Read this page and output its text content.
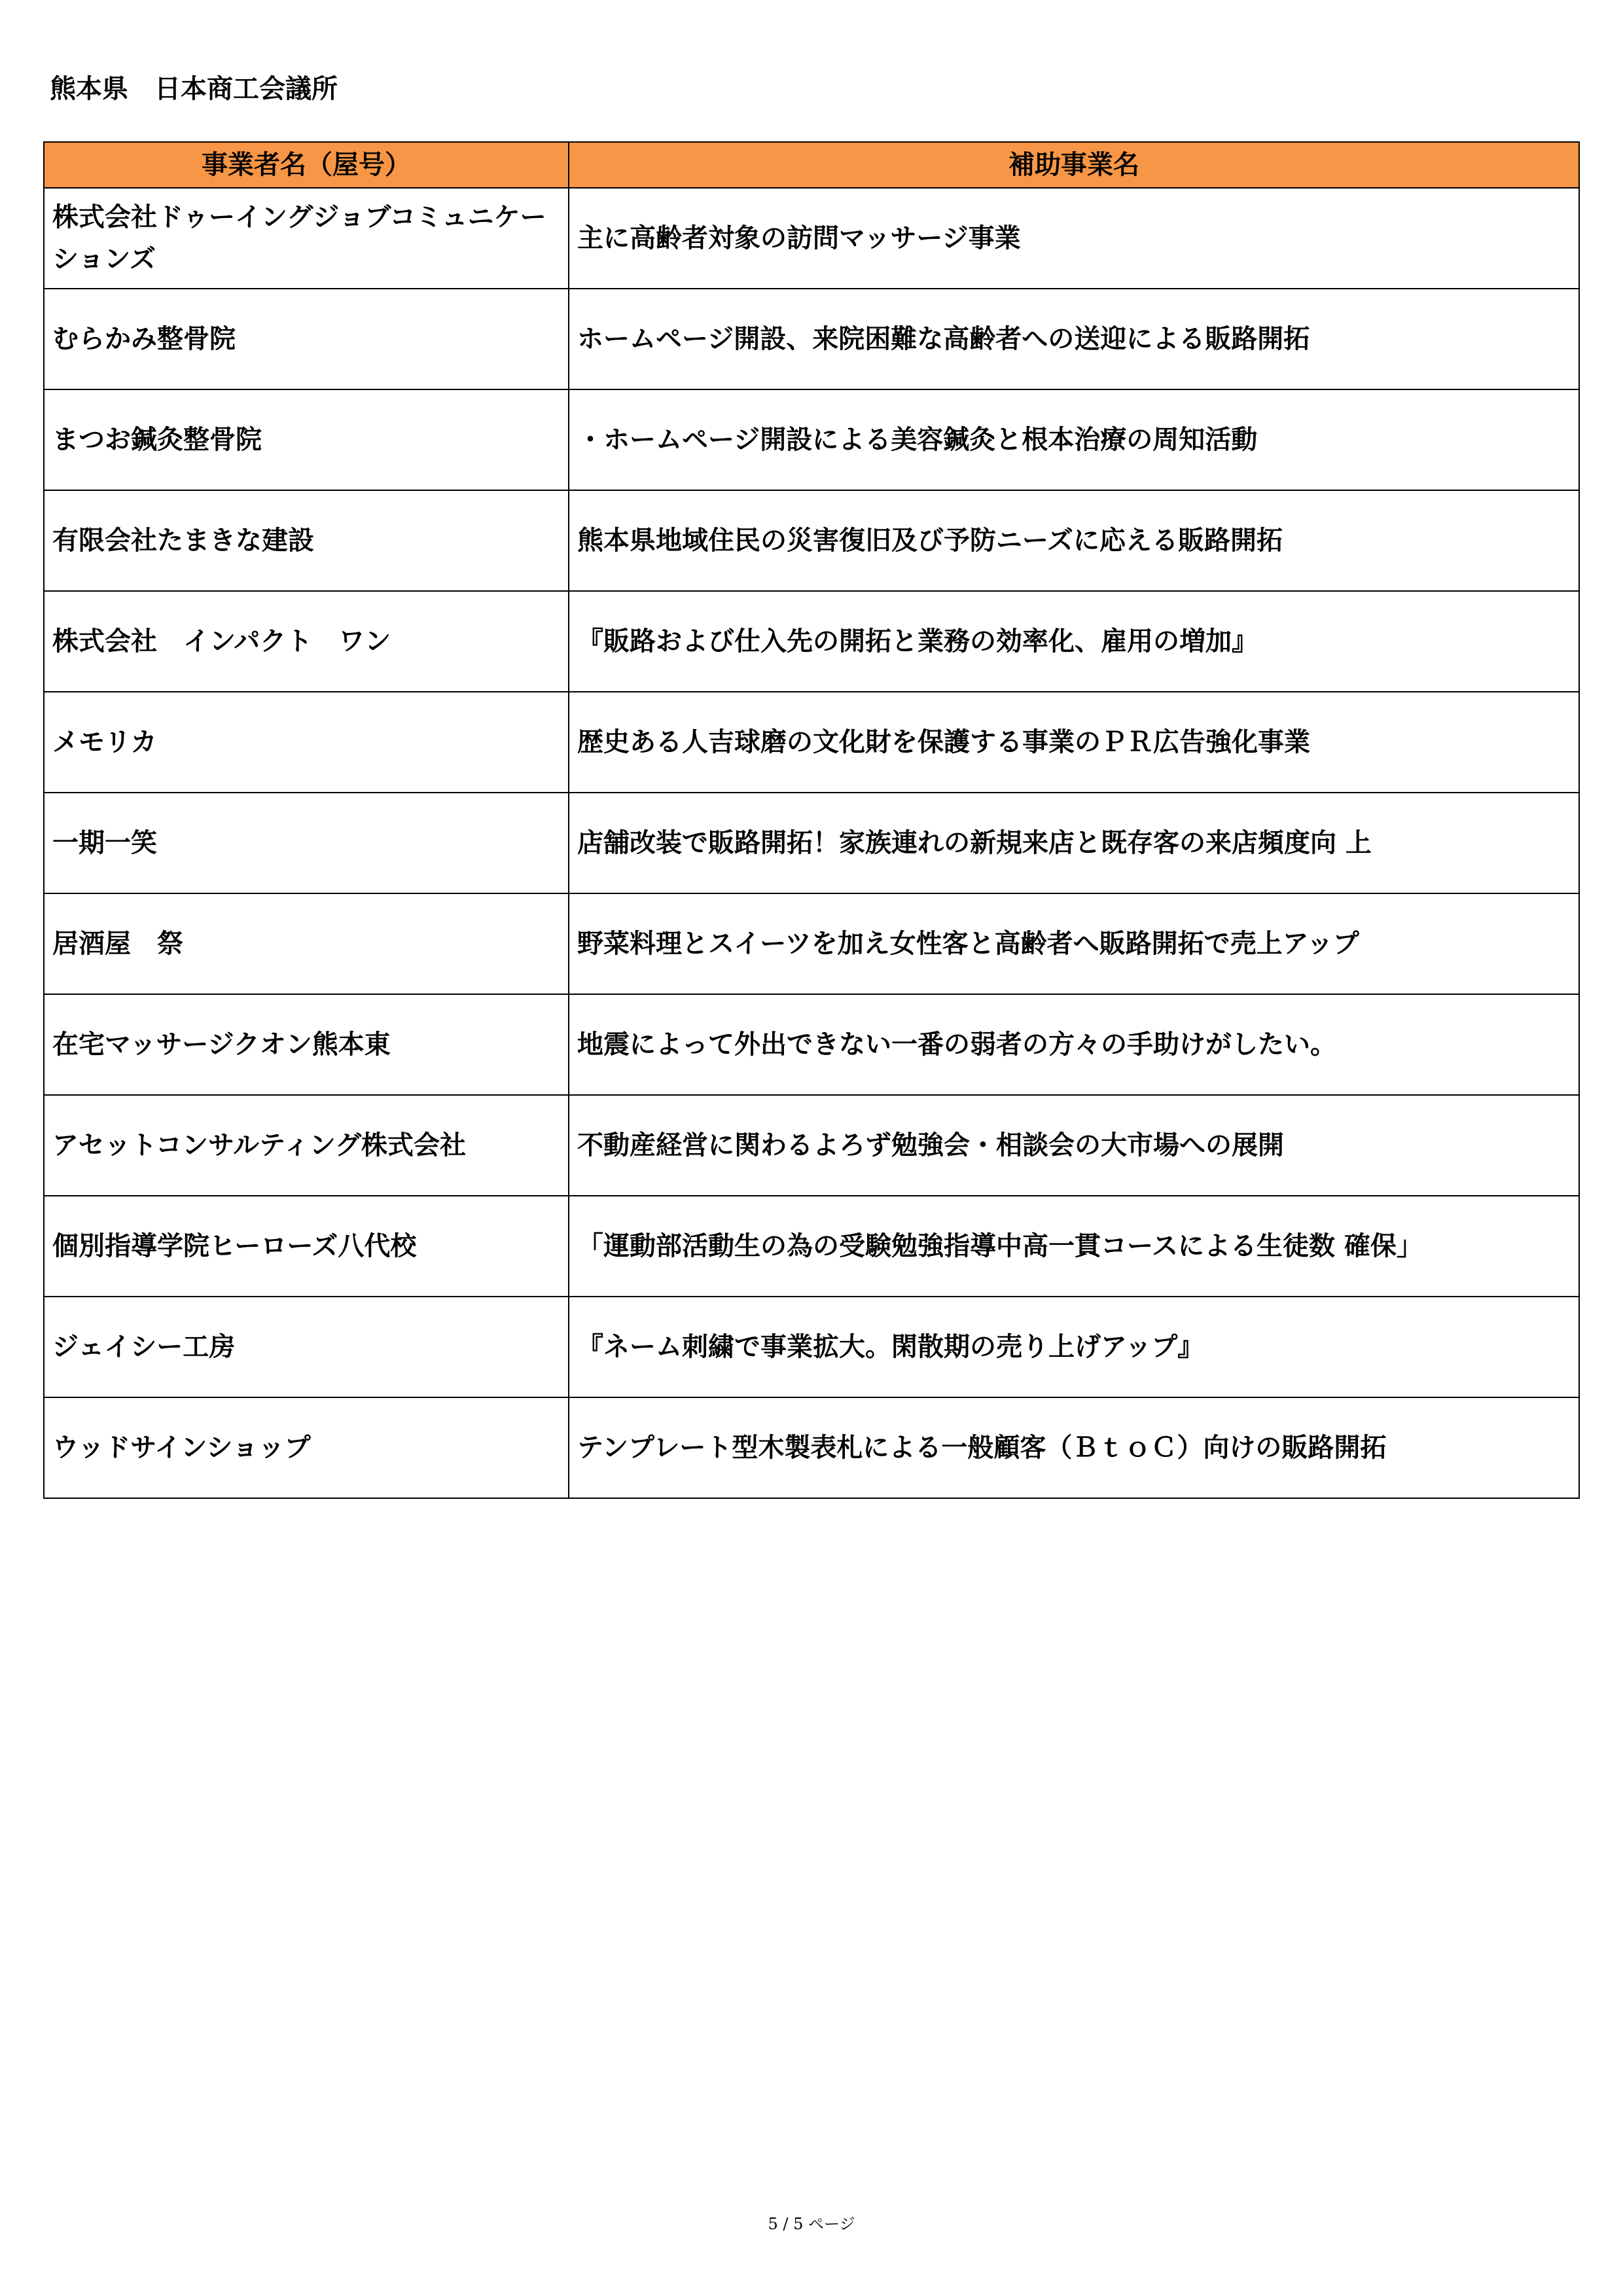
熊本県　日本商工会議所
事業者名（屋号）	補助事業名
株式会社ドゥーイングジョブコミュニケーションズ	主に高齢者対象の訪問マッサージ事業
むらかみ整骨院	ホームページ開設、来院困難な高齢者への送迎による販路開拓
まつお鍼灸整骨院	・ホームページ開設による美容鍼灸と根本治療の周知活動
有限会社たまきな建設	熊本県地域住民の災害復旧及び予防ニーズに応える販路開拓
株式会社　インパクト　ワン	『販路および仕入先の開拓と業務の効率化、雇用の増加』
メモリカ	歴史ある人吉球磨の文化財を保護する事業のＰＲ広告強化事業
一期一笑	店舗改装で販路開拓！家族連れの新規来店と既存客の来店頻度向 上
居酒屋　祭	野菜料理とスイーツを加え女性客と高齢者へ販路開拓で売上アップ
在宅マッサージクオン熊本東	地震によって外出できない一番の弱者の方々の手助けがしたい。
アセットコンサルティング株式会社	不動産経営に関わるよろず勉強会・相談会の大市場への展開
個別指導学院ヒーローズ八代校	「運動部活動生の為の受験勉強指導中高一貫コースによる生徒数 確保」
ジェイシー工房	『ネーム刺繍で事業拡大。閑散期の売り上げアップ』
ウッドサインショップ	テンプレート型木製表札による一般顧客（ＢｔｏＣ）向けの販路開拓
5 / 5 ページ
